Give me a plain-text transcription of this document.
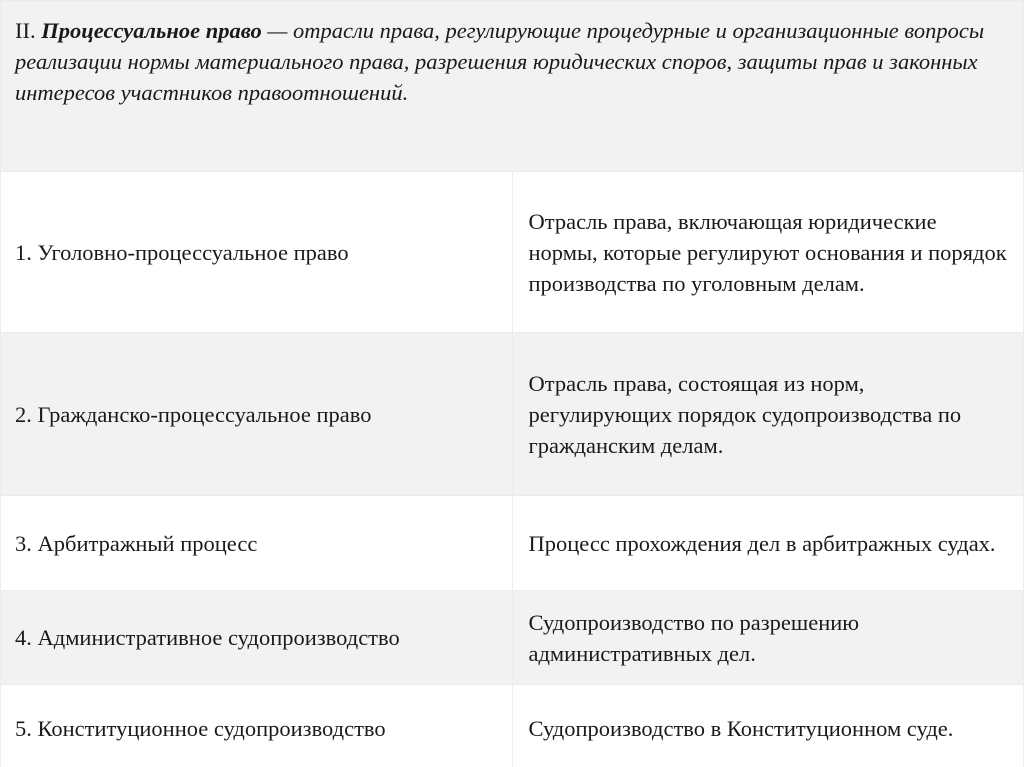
II. Процессуальное право — отрасли права, регулирующие процедурные и организационные вопросы реализации нормы материального права, разрешения юридических споров, защиты прав и законных интересов участников правоотношений.	

1. Уголовно-процессуальное право	Отрасль права, включающая юридические нормы, которые регулируют основания и порядок производства по уголовным делам.

2. Гражданско-процессуальное право	Отрасль права, состоящая из норм, регулирующих порядок судопроизводства по гражданским делам.

3. Арбитражный процесс	Процесс прохождения дел в арбитражных судах.

4. Административное судопроизводство	Судопроизводство по разрешению административных дел.

5. Конституционное судопроизводство	Судопроизводство в Конституционном суде.
